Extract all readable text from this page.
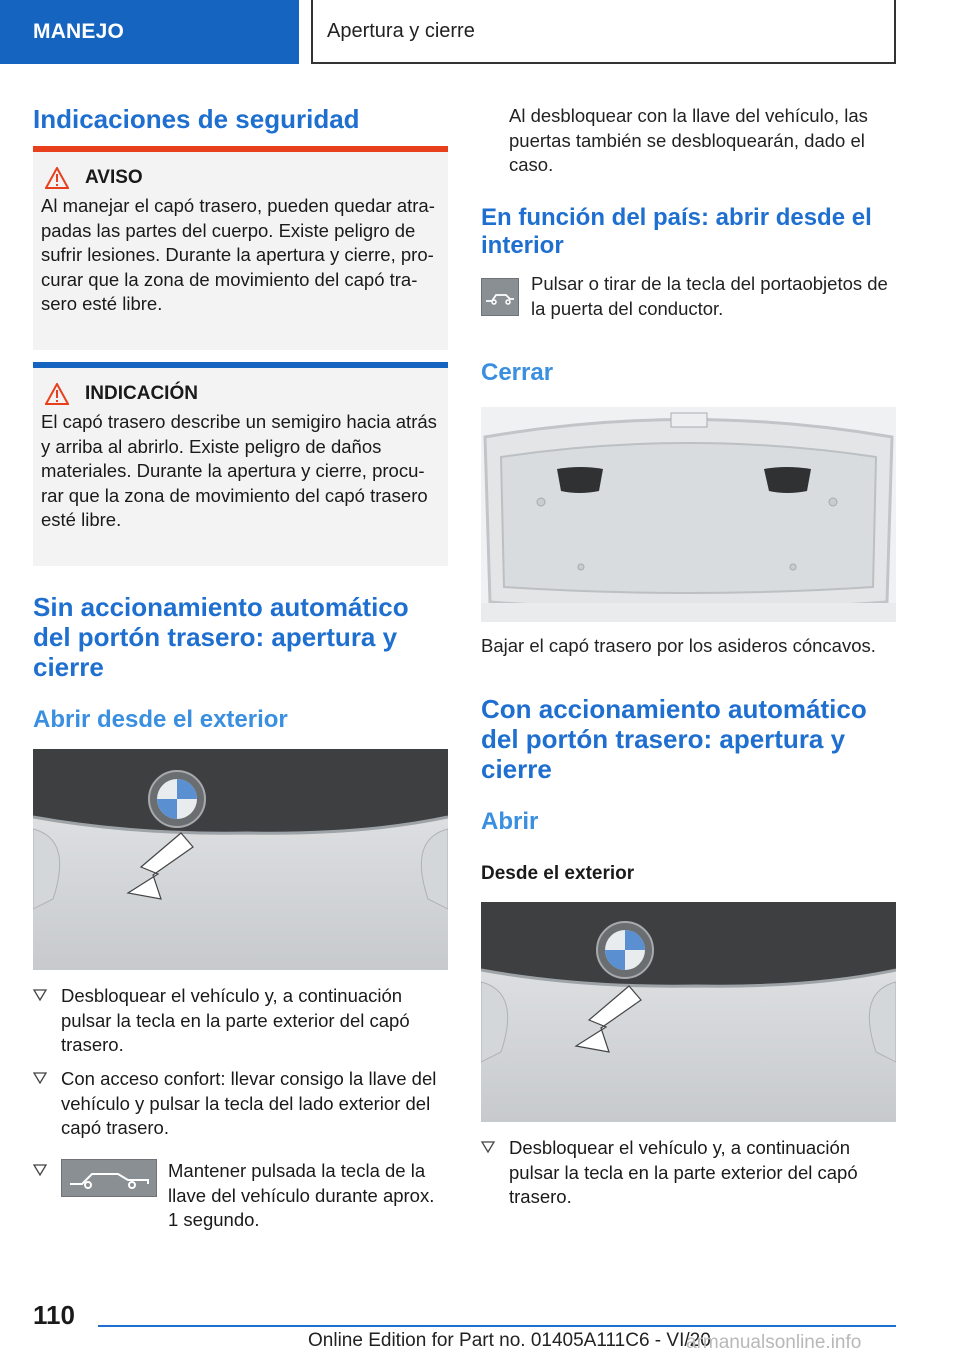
MANEJO	Apertura y cierre
Indicaciones de seguridad
AVISO
Al manejar el capó trasero, pueden quedar atrapadas las partes del cuerpo. Existe peligro de sufrir lesiones. Durante la apertura y cierre, procurar que la zona de movimiento del capó trasero esté libre.
INDICACIÓN
El capó trasero describe un semigiro hacia atrás y arriba al abrirlo. Existe peligro de daños materiales. Durante la apertura y cierre, procurar que la zona de movimiento del capó trasero esté libre.
Sin accionamiento automático del portón trasero: apertura y cierre
Abrir desde el exterior
Desbloquear el vehículo y, a continuación pulsar la tecla en la parte exterior del capó trasero.
Con acceso confort: llevar consigo la llave del vehículo y pulsar la tecla del lado exterior del capó trasero.
Mantener pulsada la tecla de la llave del vehículo durante aprox. 1 segundo.
Al desbloquear con la llave del vehículo, las puertas también se desbloquearán, dado el caso.
En función del país: abrir desde el interior
Pulsar o tirar de la tecla del portaobjetos de la puerta del conductor.
Cerrar
Bajar el capó trasero por los asideros cóncavos.
Con accionamiento automático del portón trasero: apertura y cierre
Abrir
Desde el exterior
Desbloquear el vehículo y, a continuación pulsar la tecla en la parte exterior del capó trasero.
110
Online Edition for Part no. 01405A111C6 - VI/20
armanualsonline.info
